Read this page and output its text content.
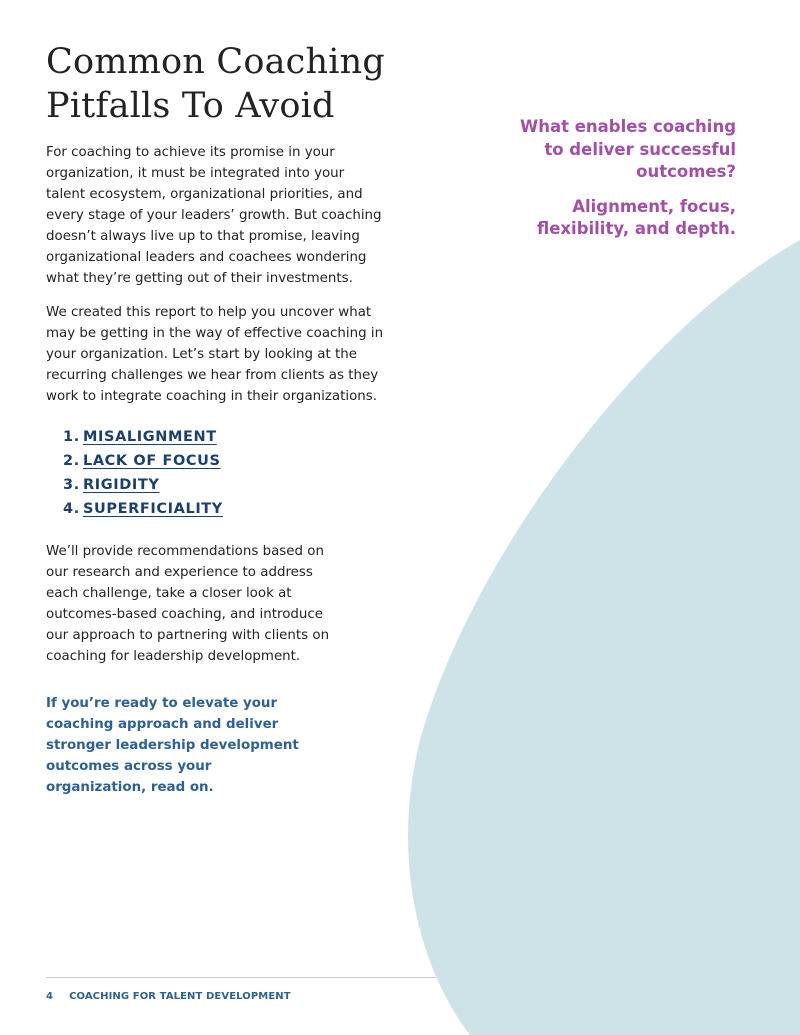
Common Coaching
Pitfalls To Avoid

For coaching to achieve its promise in your organization, it must be integrated into your talent ecosystem, organizational priorities, and every stage of your leaders’ growth. But coaching doesn’t always live up to that promise, leaving organizational leaders and coachees wondering what they’re getting out of their investments.

We created this report to help you uncover what may be getting in the way of effective coaching in your organization. Let’s start by looking at the recurring challenges we hear from clients as they work to integrate coaching in their organizations.

1. MISALIGNMENT
2. LACK OF FOCUS
3. RIGIDITY
4. SUPERFICIALITY

We’ll provide recommendations based on our research and experience to address each challenge, take a closer look at outcomes-based coaching, and introduce our approach to partnering with clients on coaching for leadership development.

If you’re ready to elevate your coaching approach and deliver stronger leadership development outcomes across your organization, read on.

What enables coaching to deliver successful outcomes?

Alignment, focus, flexibility, and depth.

4 COACHING FOR TALENT DEVELOPMENT
